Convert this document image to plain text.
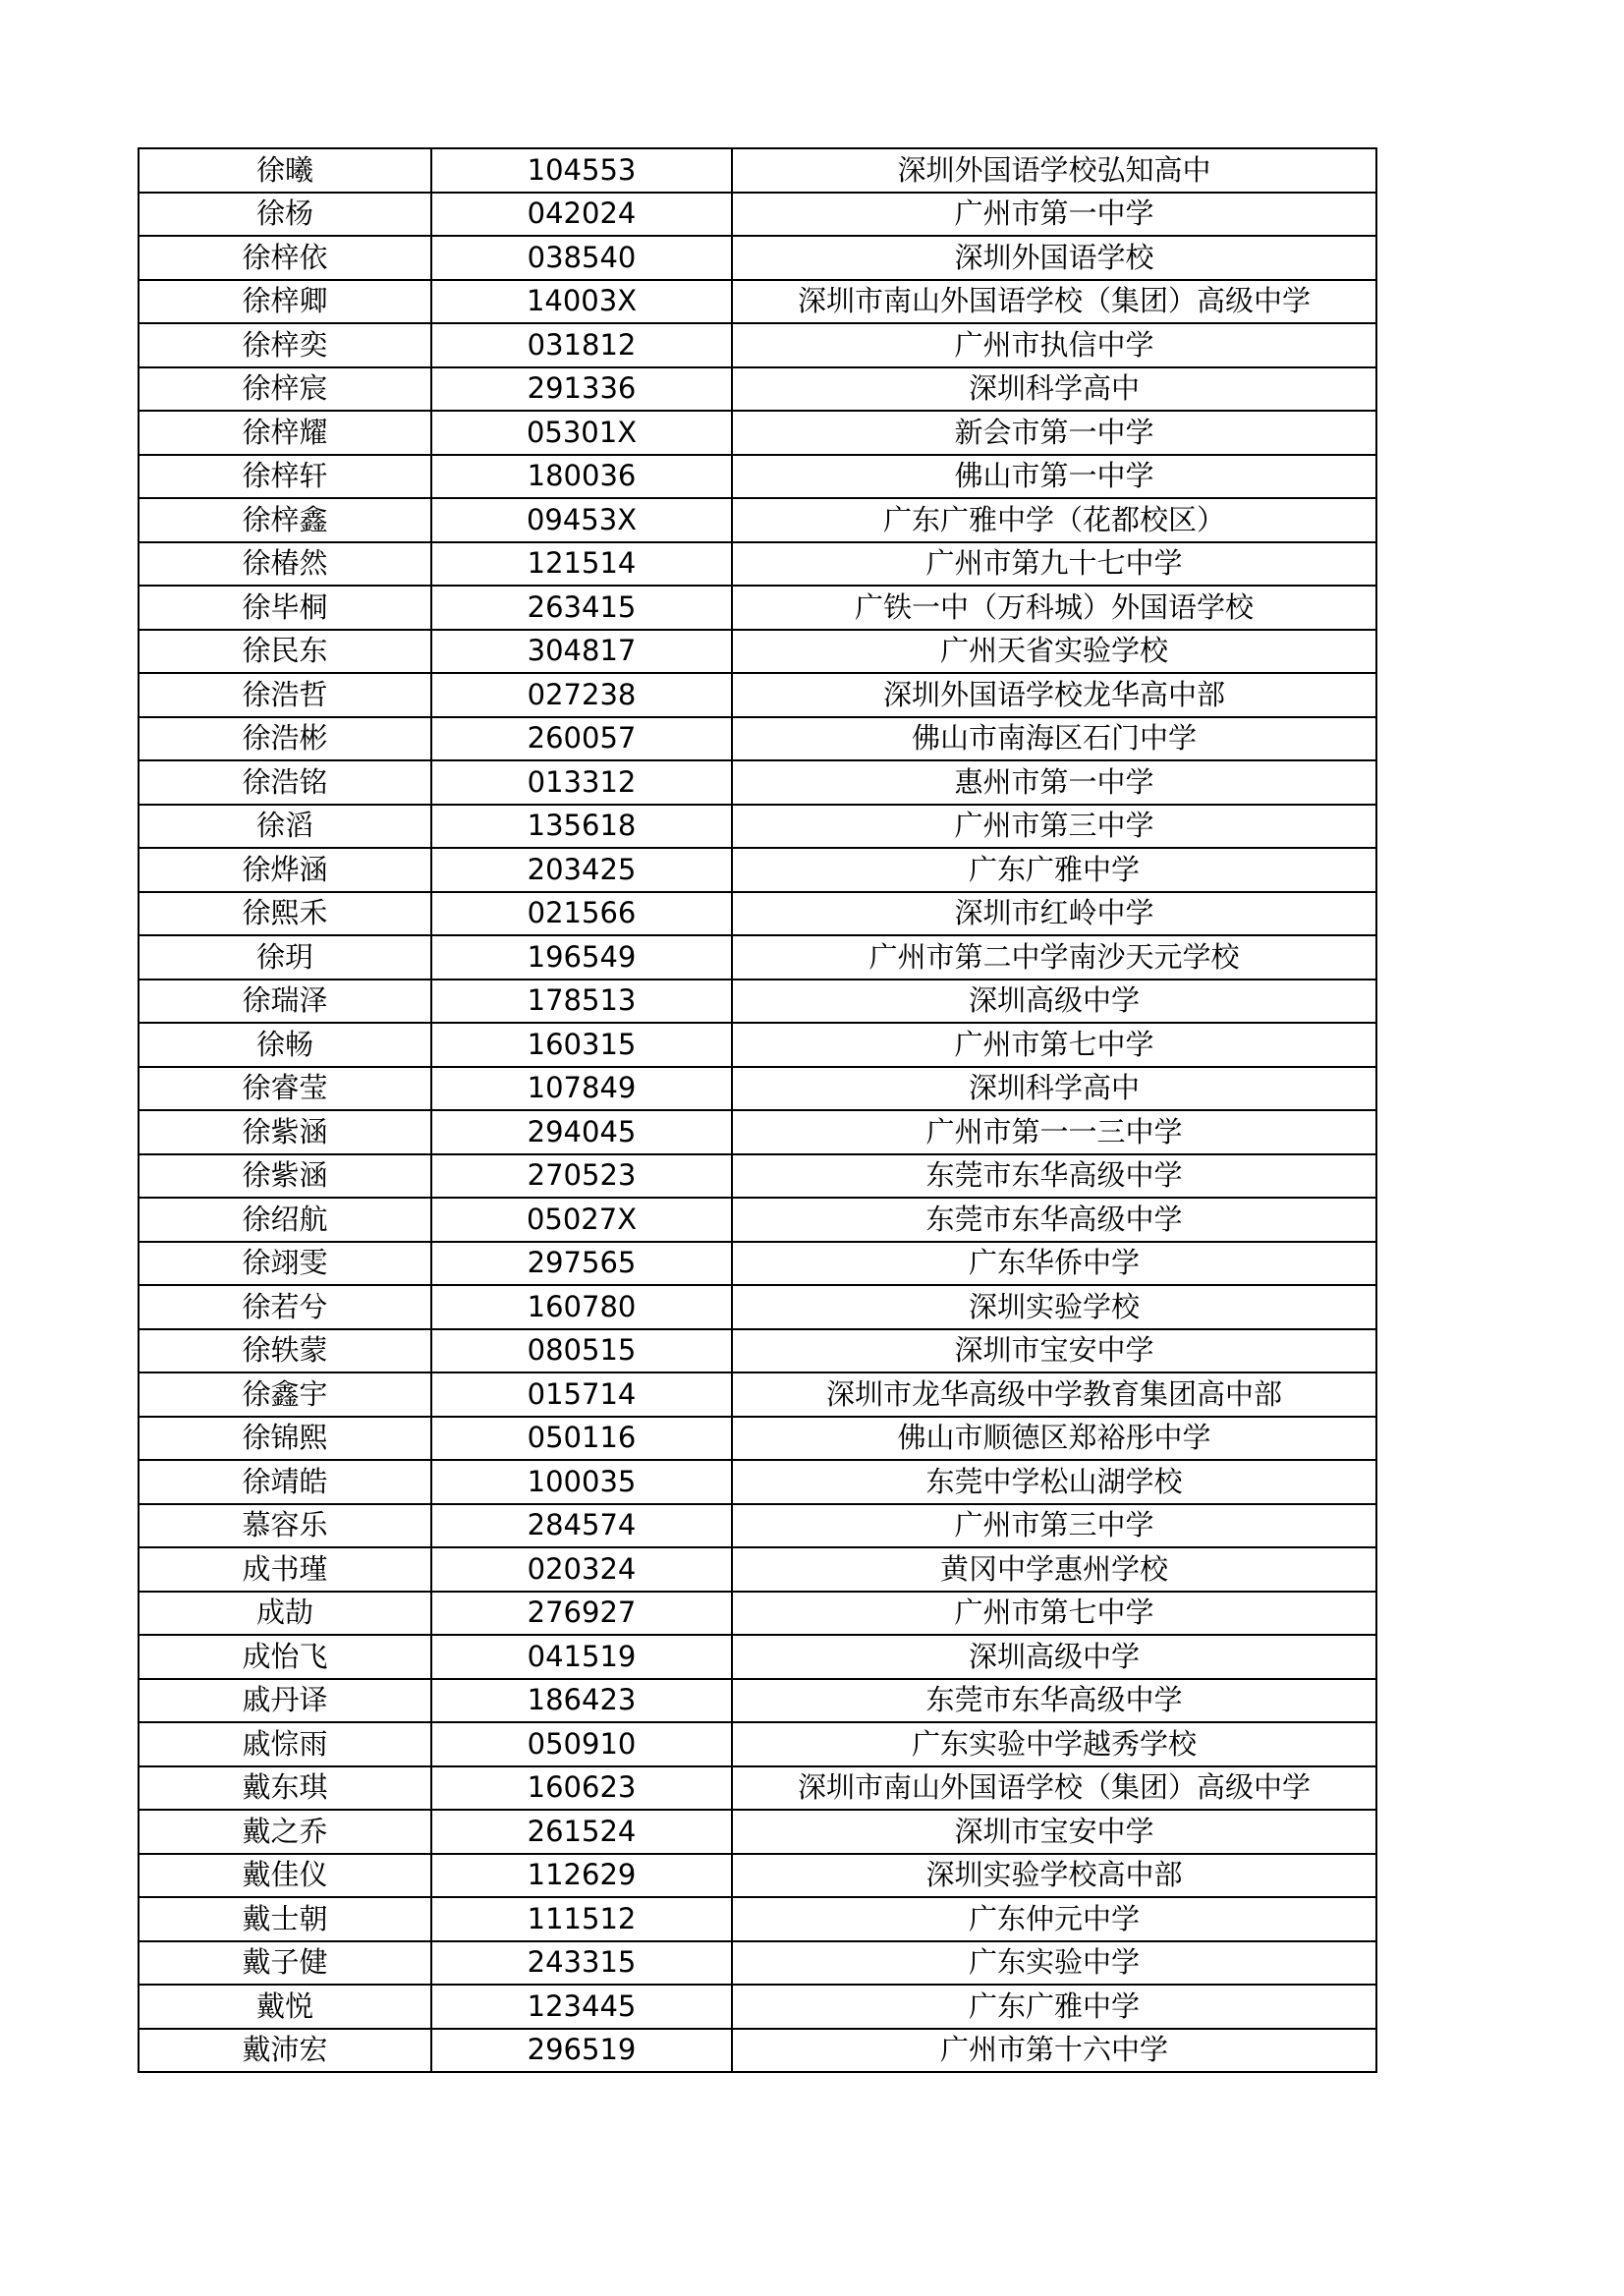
徐曦	104553	深圳外国语学校弘知高中
徐杨	042024	广州市第一中学
徐梓依	038540	深圳外国语学校
徐梓卿	14003X	深圳市南山外国语学校（集团）高级中学
徐梓奕	031812	广州市执信中学
徐梓宸	291336	深圳科学高中
徐梓耀	05301X	新会市第一中学
徐梓轩	180036	佛山市第一中学
徐梓鑫	09453X	广东广雅中学（花都校区）
徐椿然	121514	广州市第九十七中学
徐毕桐	263415	广铁一中（万科城）外国语学校
徐民东	304817	广州天省实验学校
徐浩哲	027238	深圳外国语学校龙华高中部
徐浩彬	260057	佛山市南海区石门中学
徐浩铭	013312	惠州市第一中学
徐滔	135618	广州市第三中学
徐烨涵	203425	广东广雅中学
徐熙禾	021566	深圳市红岭中学
徐玥	196549	广州市第二中学南沙天元学校
徐瑞泽	178513	深圳高级中学
徐畅	160315	广州市第七中学
徐睿莹	107849	深圳科学高中
徐紫涵	294045	广州市第一一三中学
徐紫涵	270523	东莞市东华高级中学
徐绍航	05027X	东莞市东华高级中学
徐翊雯	297565	广东华侨中学
徐若兮	160780	深圳实验学校
徐轶蒙	080515	深圳市宝安中学
徐鑫宇	015714	深圳市龙华高级中学教育集团高中部
徐锦熙	050116	佛山市顺德区郑裕彤中学
徐靖皓	100035	东莞中学松山湖学校
慕容乐	284574	广州市第三中学
成书瑾	020324	黄冈中学惠州学校
成劼	276927	广州市第七中学
成怡飞	041519	深圳高级中学
戚丹译	186423	东莞市东华高级中学
戚悰雨	050910	广东实验中学越秀学校
戴东琪	160623	深圳市南山外国语学校（集团）高级中学
戴之乔	261524	深圳市宝安中学
戴佳仪	112629	深圳实验学校高中部
戴士朝	111512	广东仲元中学
戴子健	243315	广东实验中学
戴悦	123445	广东广雅中学
戴沛宏	296519	广州市第十六中学
